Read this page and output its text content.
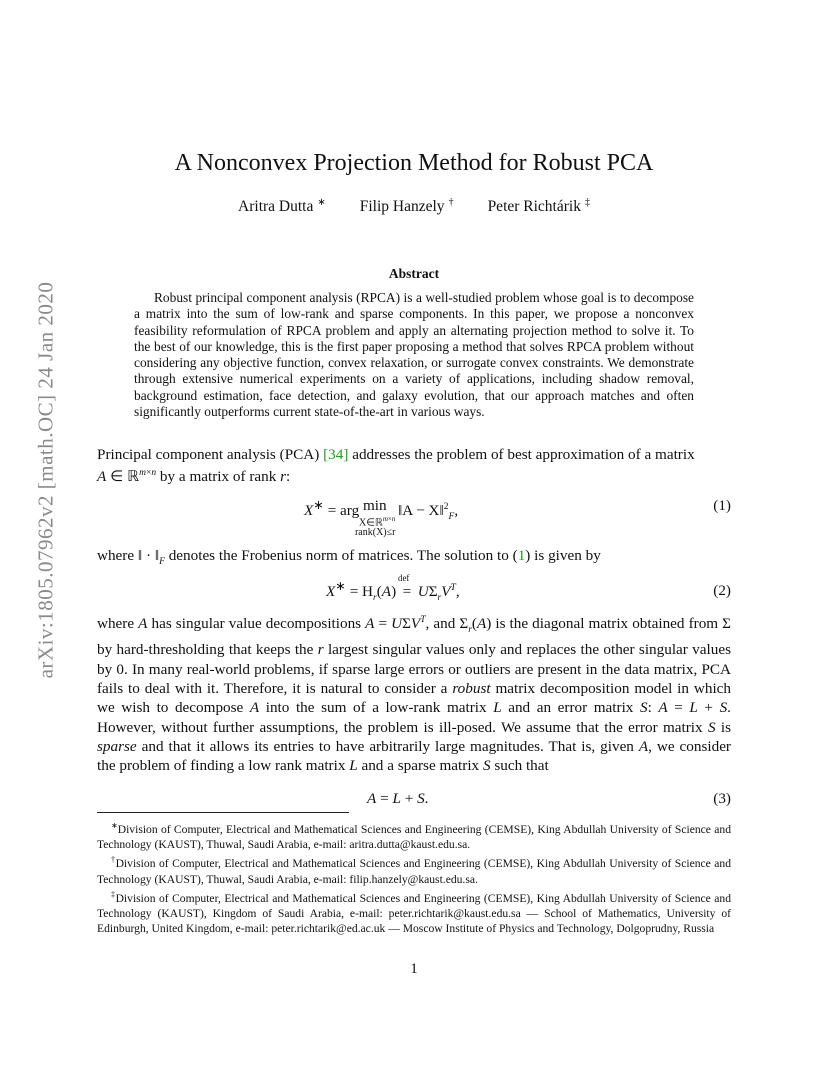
arXiv:1805.07962v2 [math.OC] 24 Jan 2020
A Nonconvex Projection Method for Robust PCA
Aritra Dutta ∗ Filip Hanzely † Peter Richtárik ‡
Abstract

Robust principal component analysis (RPCA) is a well-studied problem whose goal is to decompose a matrix into the sum of low-rank and sparse components. In this paper, we propose a nonconvex feasibility reformulation of RPCA problem and apply an alternating projection method to solve it. To the best of our knowledge, this is the first paper proposing a method that solves RPCA problem without considering any objective function, convex relaxation, or surrogate convex constraints. We demonstrate through extensive numerical experiments on a variety of applications, including shadow removal, background estimation, face detection, and galaxy evolution, that our approach matches and often significantly outperforms current state-of-the-art in various ways.

Principal component analysis (PCA) [34] addresses the problem of best approximation of a matrix
A ∈ ℝ$^{m\times n}$ by a matrix of rank r:

X∗ = arg min
X∈ℝ$^{m\times n}$
rank(X)≤r
‖A − X‖$^2_F$,	(1)

where ‖ · $‖_F$ denotes the Frobenius norm of matrices. The solution to (1) is given by

$X^∗ = H_r(A)$ =
def
$U\Sigma_rV^T$,	(2)

where A has singular value decompositions $A = U\Sigma V^T$, and $\Sigma_r(A)$ is the diagonal matrix obtained from Σ by hard-thresholding that keeps the r largest singular values only and replaces the other singular values by 0. In many real-world problems, if sparse large errors or outliers are present in the data matrix, PCA fails to deal with it. Therefore, it is natural to consider a robust matrix decomposition model in which we wish to decompose A into the sum of a low-rank matrix L and an error matrix S: A = L + S. However, without further assumptions, the problem is ill-posed. We assume that the error matrix S is sparse and that it allows its entries to have arbitrarily large magnitudes. That is, given A, we consider the problem of finding a low rank matrix L and a sparse matrix S such that

A = L + S.	(3)

∗Division of Computer, Electrical and Mathematical Sciences and Engineering (CEMSE), King Abdullah University of Science and Technology (KAUST), Thuwal, Saudi Arabia, e-mail: aritra.dutta@kaust.edu.sa.

†Division of Computer, Electrical and Mathematical Sciences and Engineering (CEMSE), King Abdullah University of Science and Technology (KAUST), Thuwal, Saudi Arabia, e-mail: filip.hanzely@kaust.edu.sa.

‡Division of Computer, Electrical and Mathematical Sciences and Engineering (CEMSE), King Abdullah University of Science and Technology (KAUST), Kingdom of Saudi Arabia, e-mail: peter.richtarik@kaust.edu.sa — School of Mathematics, University of Edinburgh, United Kingdom, e-mail: peter.richtarik@ed.ac.uk — Moscow Institute of Physics and Technology, Dolgoprudny, Russia

1
